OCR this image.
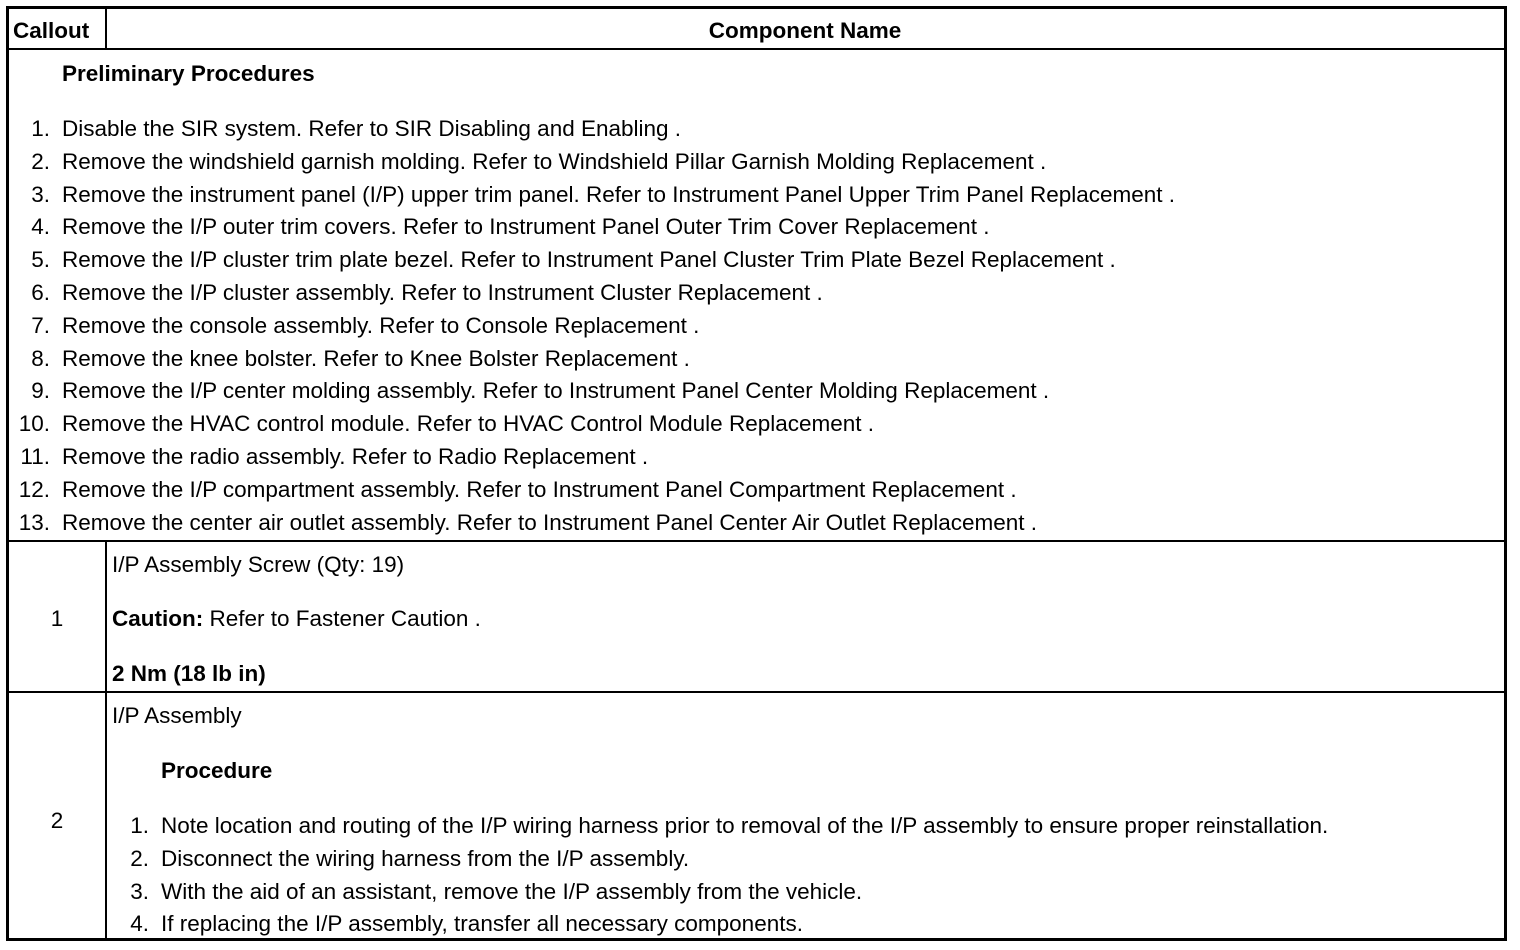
Callout	Component Name
Preliminary Procedures
1. Disable the SIR system. Refer to SIR Disabling and Enabling .
2. Remove the windshield garnish molding. Refer to Windshield Pillar Garnish Molding Replacement .
3. Remove the instrument panel (I/P) upper trim panel. Refer to Instrument Panel Upper Trim Panel Replacement .
4. Remove the I/P outer trim covers. Refer to Instrument Panel Outer Trim Cover Replacement .
5. Remove the I/P cluster trim plate bezel. Refer to Instrument Panel Cluster Trim Plate Bezel Replacement .
6. Remove the I/P cluster assembly. Refer to Instrument Cluster Replacement .
7. Remove the console assembly. Refer to Console Replacement .
8. Remove the knee bolster. Refer to Knee Bolster Replacement .
9. Remove the I/P center molding assembly. Refer to Instrument Panel Center Molding Replacement .
10. Remove the HVAC control module. Refer to HVAC Control Module Replacement .
11. Remove the radio assembly. Refer to Radio Replacement .
12. Remove the I/P compartment assembly. Refer to Instrument Panel Compartment Replacement .
13. Remove the center air outlet assembly. Refer to Instrument Panel Center Air Outlet Replacement .
1
I/P Assembly Screw (Qty: 19)
Caution: Refer to Fastener Caution .
2 Nm (18 lb in)
2
I/P Assembly
Procedure
1. Note location and routing of the I/P wiring harness prior to removal of the I/P assembly to ensure proper reinstallation.
2. Disconnect the wiring harness from the I/P assembly.
3. With the aid of an assistant, remove the I/P assembly from the vehicle.
4. If replacing the I/P assembly, transfer all necessary components.
